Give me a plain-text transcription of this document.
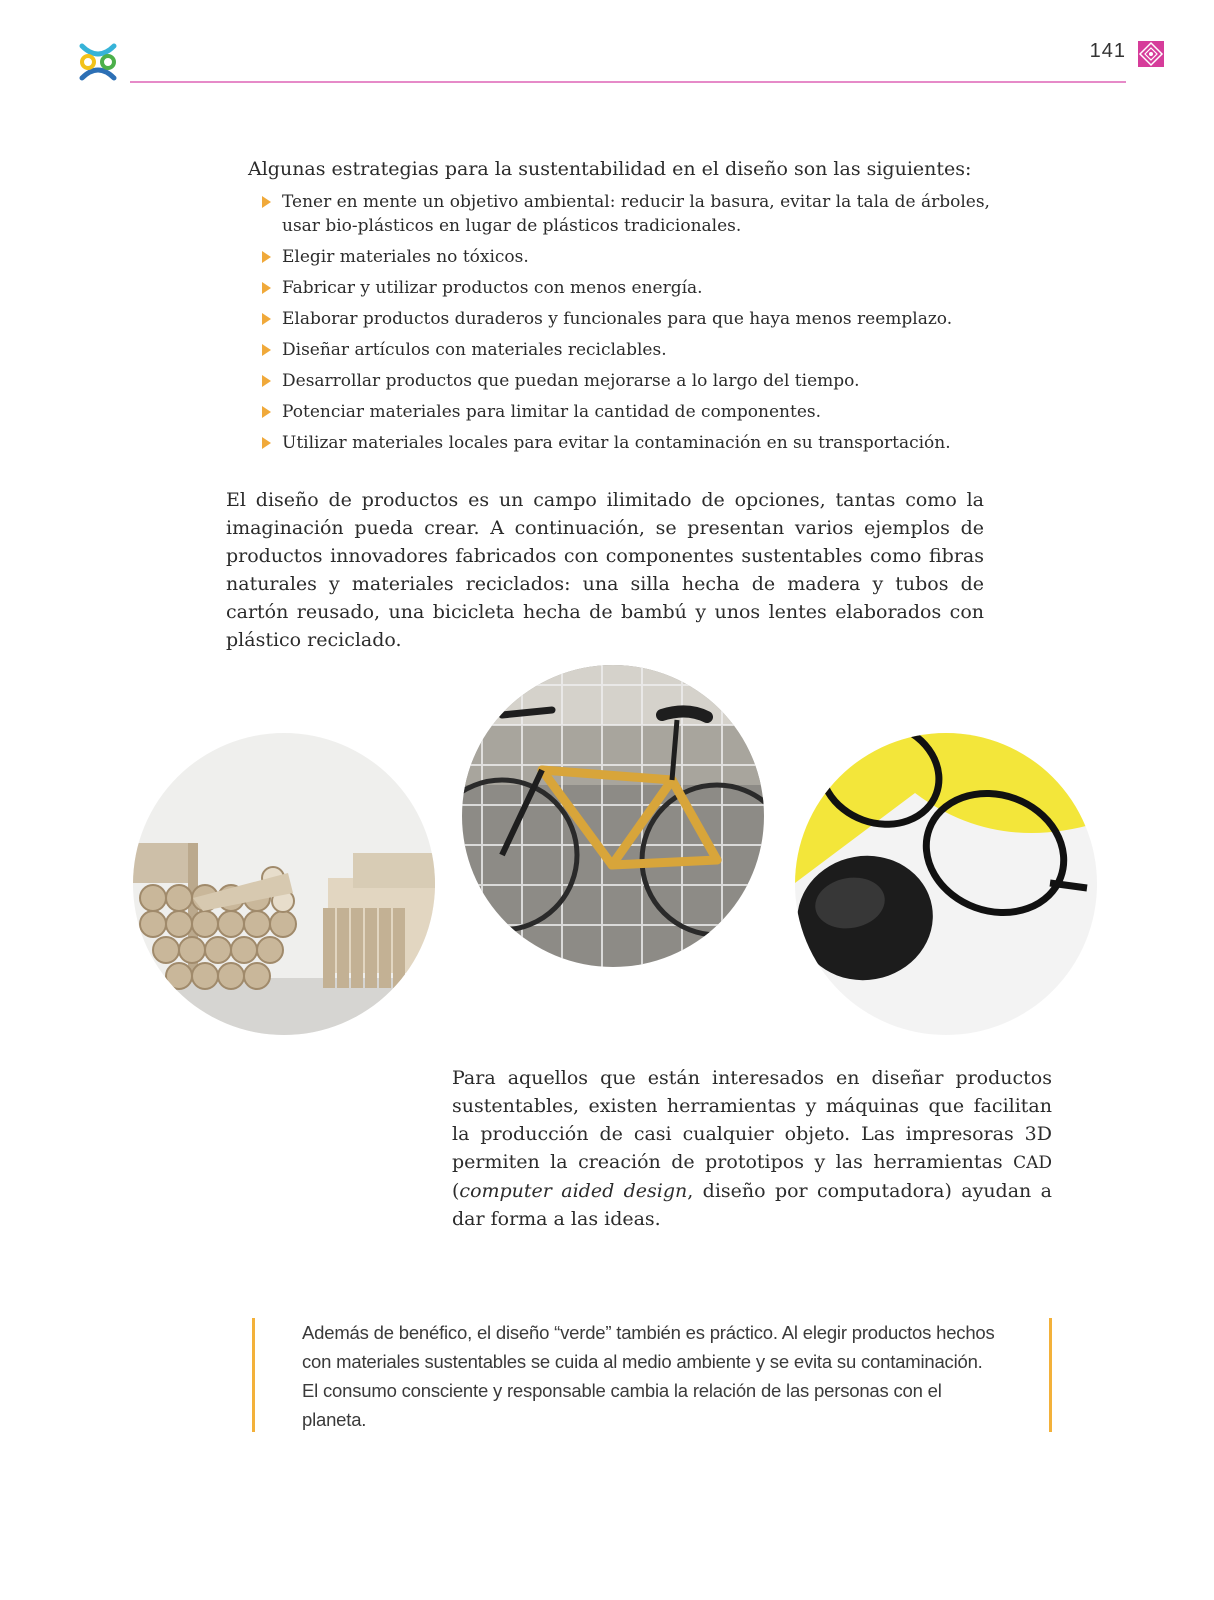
141

Algunas estrategias para la sustentabilidad en el diseño son las siguientes:

Tener en mente un objetivo ambiental: reducir la basura, evitar la tala de árboles, usar bio-plásticos en lugar de plásticos tradicionales.
Elegir materiales no tóxicos.
Fabricar y utilizar productos con menos energía.
Elaborar productos duraderos y funcionales para que haya menos reemplazo.
Diseñar artículos con materiales reciclables.
Desarrollar productos que puedan mejorarse a lo largo del tiempo.
Potenciar materiales para limitar la cantidad de componentes.
Utilizar materiales locales para evitar la contaminación en su transportación.

El diseño de productos es un campo ilimitado de opciones, tantas como la imaginación pueda crear. A continuación, se presentan varios ejemplos de productos innovadores fabricados con componentes sustentables como fibras naturales y materiales reciclados: una silla hecha de madera y tubos de cartón reusado, una bicicleta hecha de bambú y unos lentes elaborados con plástico reciclado.

Para aquellos que están interesados en diseñar productos sustentables, existen herramientas y máquinas que facilitan la producción de casi cualquier objeto. Las impresoras 3D permiten la creación de prototipos y las herramientas CAD (computer aided design, diseño por computadora) ayudan a dar forma a las ideas.

Además de benéfico, el diseño “verde” también es práctico. Al elegir productos hechos con materiales sustentables se cuida al medio ambiente y se evita su contaminación. El consumo consciente y responsable cambia la relación de las personas con el planeta.
